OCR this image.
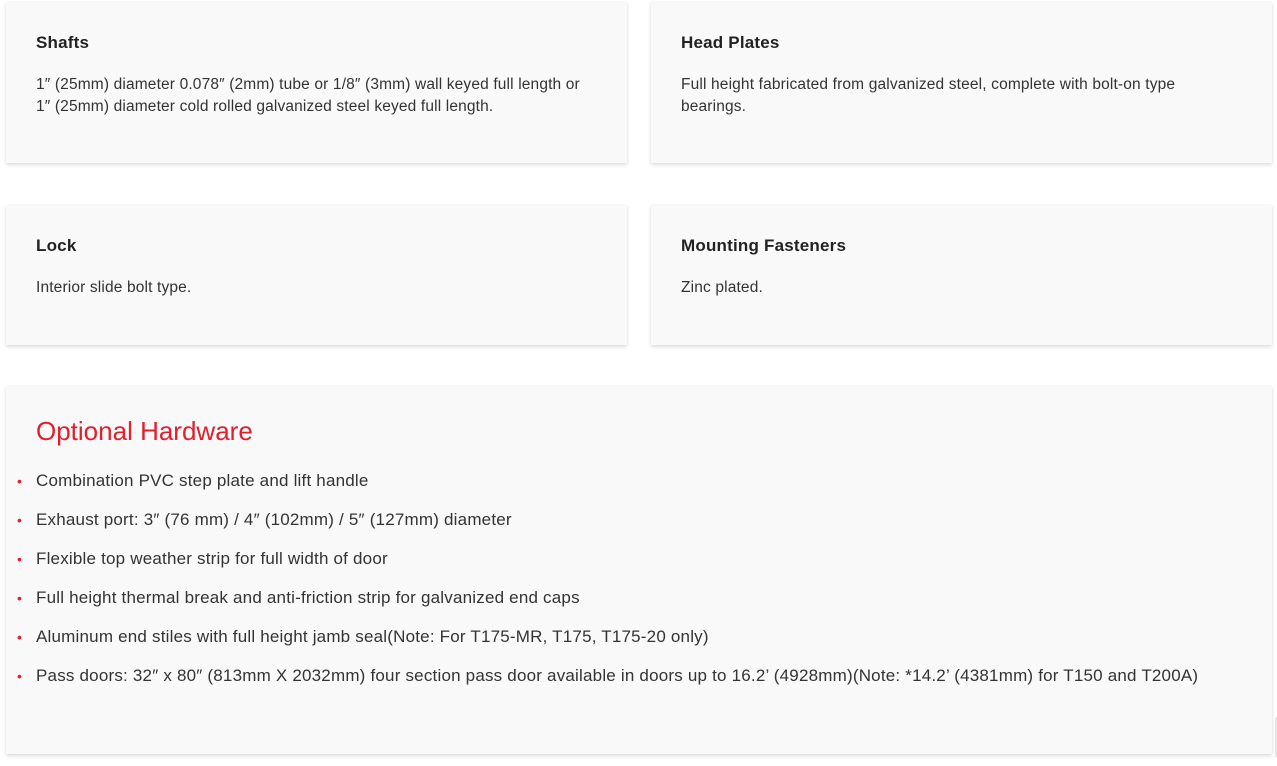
Shafts

1″ (25mm) diameter 0.078″ (2mm) tube or 1/8″ (3mm) wall keyed full length or 1″ (25mm) diameter cold rolled galvanized steel keyed full length.

Head Plates

Full height fabricated from galvanized steel, complete with bolt-on type bearings.

Lock

Interior slide bolt type.

Mounting Fasteners

Zinc plated.

Optional Hardware
• Combination PVC step plate and lift handle
• Exhaust port: 3″ (76 mm) / 4″ (102mm) / 5″ (127mm) diameter
• Flexible top weather strip for full width of door
• Full height thermal break and anti-friction strip for galvanized end caps
• Aluminum end stiles with full height jamb seal(Note: For T175-MR, T175, T175-20 only)
• Pass doors: 32″ x 80″ (813mm X 2032mm) four section pass door available in doors up to 16.2’ (4928mm)(Note: *14.2’ (4381mm) for T150 and T200A)
